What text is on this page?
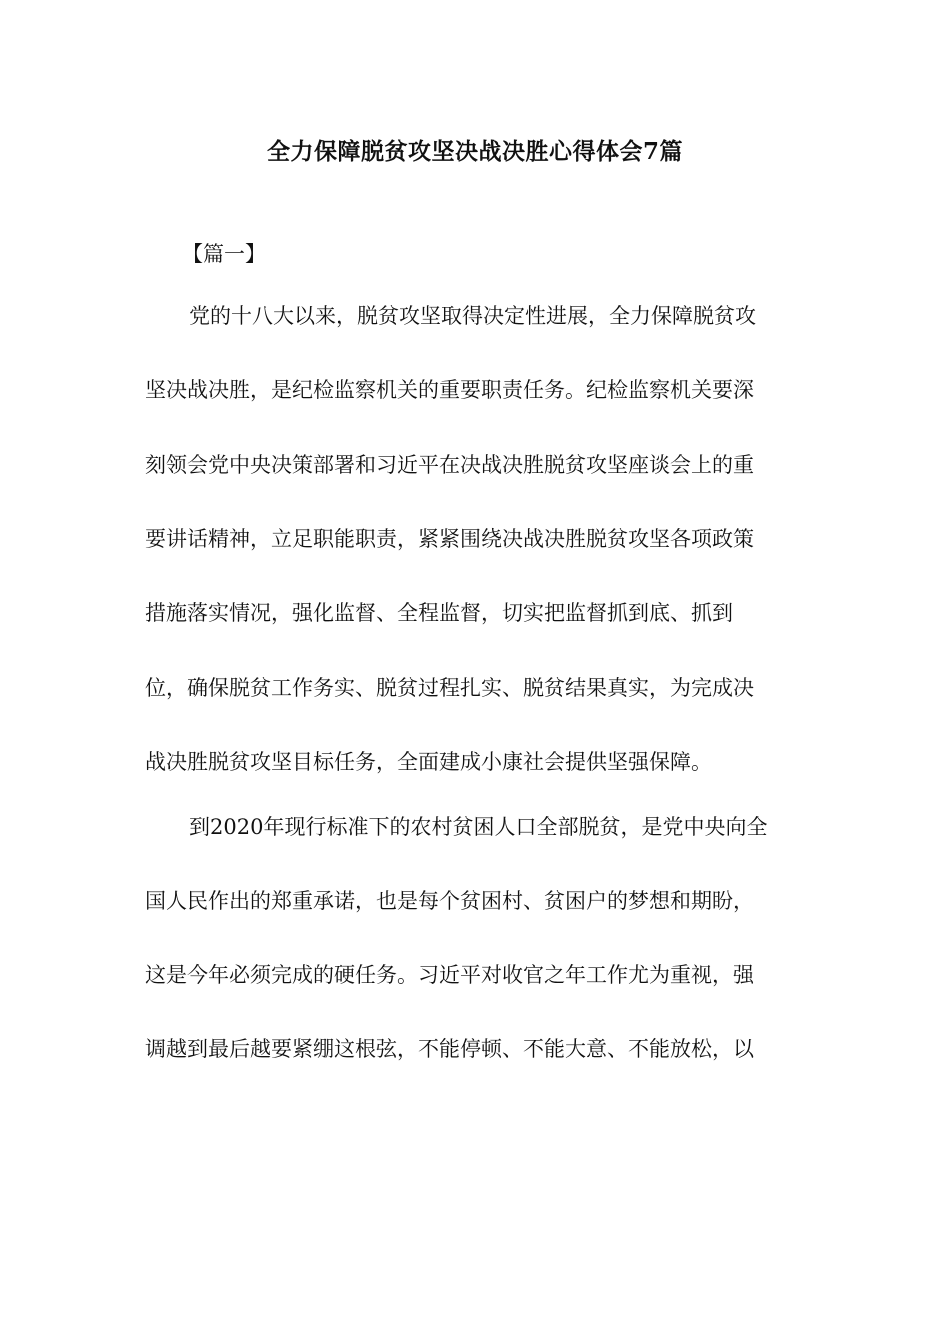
全力保障脱贫攻坚决战决胜心得体会7篇
【篇一】
党的十八大以来，脱贫攻坚取得决定性进展，全力保障脱贫攻
坚决战决胜，是纪检监察机关的重要职责任务。纪检监察机关要深
刻领会党中央决策部署和习近平在决战决胜脱贫攻坚座谈会上的重
要讲话精神，立足职能职责，紧紧围绕决战决胜脱贫攻坚各项政策
措施落实情况，强化监督、全程监督，切实把监督抓到底、抓到
位，确保脱贫工作务实、脱贫过程扎实、脱贫结果真实，为完成决
战决胜脱贫攻坚目标任务，全面建成小康社会提供坚强保障。
到2020年现行标准下的农村贫困人口全部脱贫，是党中央向全
国人民作出的郑重承诺，也是每个贫困村、贫困户的梦想和期盼，
这是今年必须完成的硬任务。习近平对收官之年工作尤为重视，强
调越到最后越要紧绷这根弦，不能停顿、不能大意、不能放松，以
